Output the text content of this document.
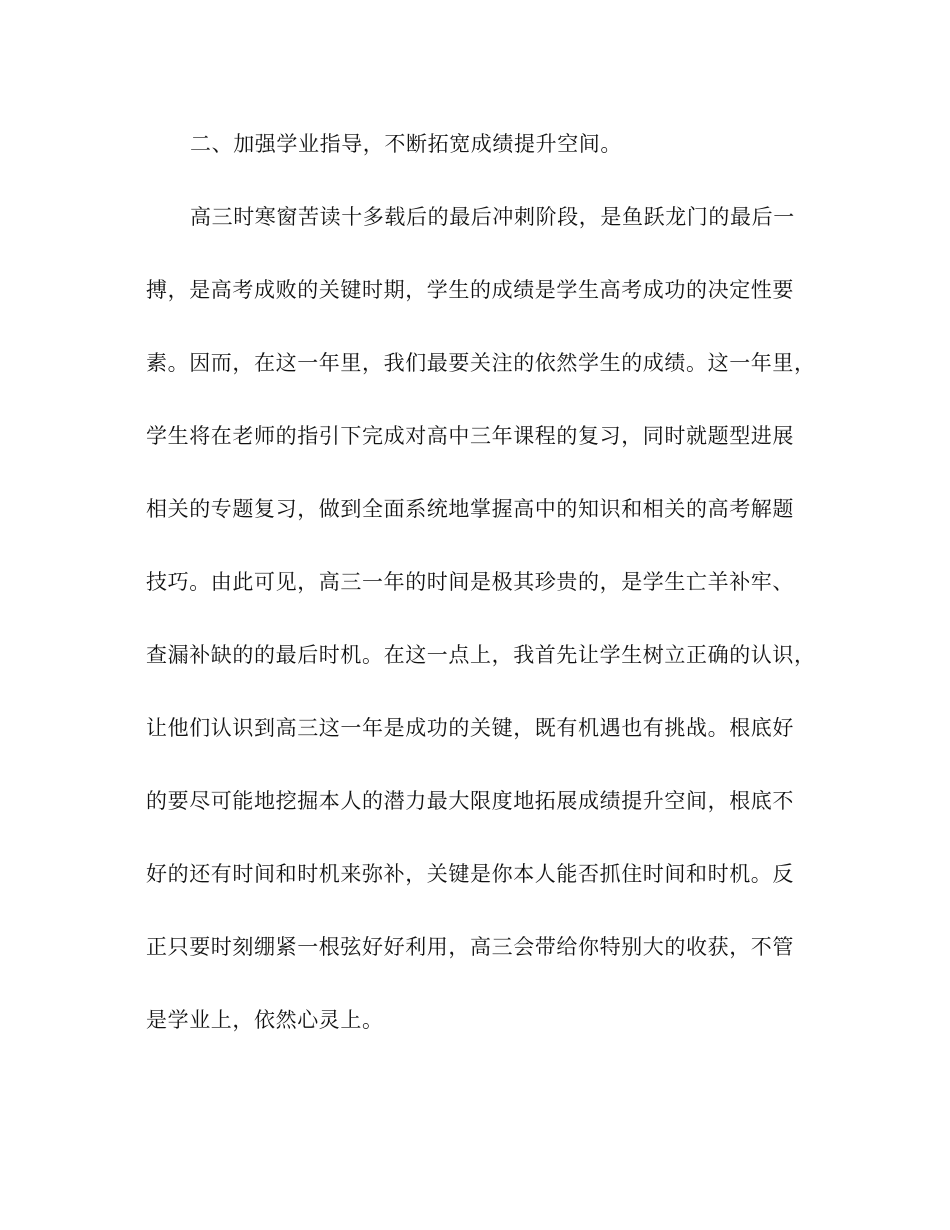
二、加强学业指导，不断拓宽成绩提升空间。
高三时寒窗苦读十多载后的最后冲刺阶段，是鱼跃龙门的最后一
搏，是高考成败的关键时期，学生的成绩是学生高考成功的决定性要
素。因而，在这一年里，我们最要关注的依然学生的成绩。这一年里，
学生将在老师的指引下完成对高中三年课程的复习，同时就题型进展
相关的专题复习，做到全面系统地掌握高中的知识和相关的高考解题
技巧。由此可见，高三一年的时间是极其珍贵的，是学生亡羊补牢、
查漏补缺的的最后时机。在这一点上，我首先让学生树立正确的认识，
让他们认识到高三这一年是成功的关键，既有机遇也有挑战。根底好
的要尽可能地挖掘本人的潜力最大限度地拓展成绩提升空间，根底不
好的还有时间和时机来弥补，关键是你本人能否抓住时间和时机。反
正只要时刻绷紧一根弦好好利用，高三会带给你特别大的收获，不管
是学业上，依然心灵上。
